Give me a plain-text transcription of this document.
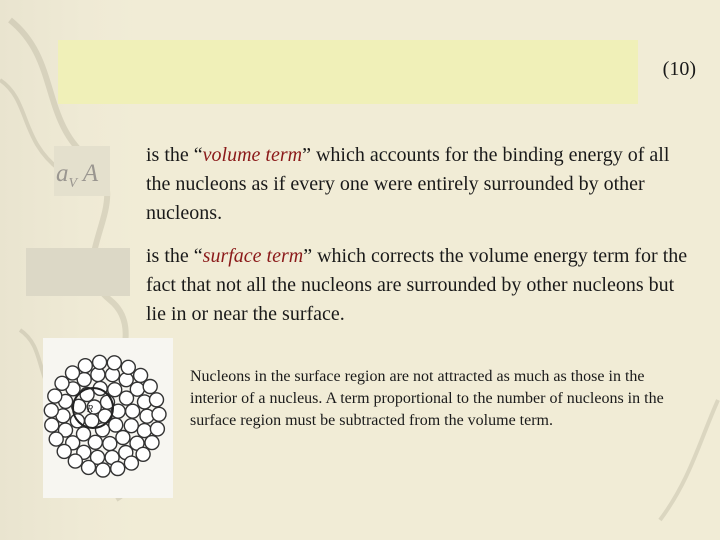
(10)
$a_V$ A

is the “volume term” which accounts for the binding energy of all the nucleons as if every one were entirely surrounded by other nucleons.

is the “surface term” which corrects the volume energy term for the fact that not all the nucleons are surrounded by other nucleons but lie in or near the surface.

R

Nucleons in the surface region are not attracted as much as those in the interior of a nucleus. A term proportional to the number of nucleons in the surface region must be subtracted from the volume term.
